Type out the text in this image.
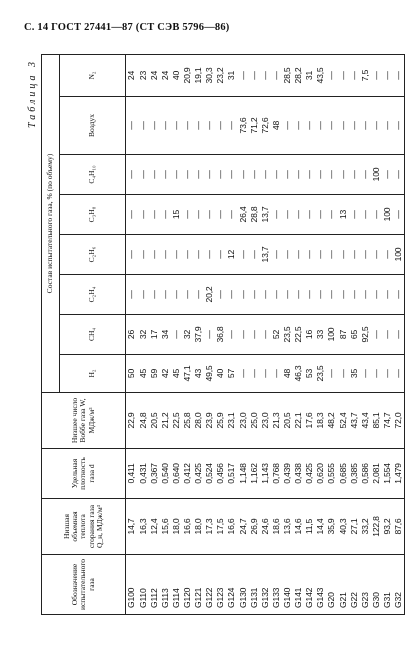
С. 14 ГОСТ 27441—87 (СТ СЭВ 5796—86)
Таблица 3
Обозначение испытательного газа	Низшая объемная теплота сгорания газа Q_н, МДж/м³	Удельная плотность газа d	Низшее число Воббе газа W, МДж/м³	Состав испытательного газа, % (по объему)							
				H₂	CH₄	C₂H₄	C₂H₆	C₃H₈	C₄H₁₀	Воздух	N₂
G100	14,7	0,411	22,9	50	26	—	—	—	—	—	24
G110	16,3	0,431	24,8	45	32	—	—	—	—	—	23
G112	12,4	0,367	20,5	59	17	—	—	—	—	—	24
G113	15,6	0,540	21,2	42	34	—	—	—	—	—	24
G114	18,0	0,640	22,5	45	—	—	—	15	—	—	40
G120	16,6	0,412	25,8	47,1	32	—	—	—	—	—	20,9
G121	18,0	0,425	28,0	43	37,9	—	—	—	—	—	19,1
G122	17,3	0,524	23,9	49,5	—	20,2	—	—	—	—	30,3
G123	17,5	0,456	25,9	40	36,8	—	—	—	—	—	23,2
G124	16,6	0,517	23,1	57	—	—	12	—	—	—	31
G130	24,7	1,148	23,0	—	—	—	—	26,4	—	73,6	—
G131	26,9	1,162	25,0	—	—	—	—	28,8	—	71,2	—
G132	24,6	1,143	23,0	—	—	—	13,7	13,7	—	72,6	—
G133	18,6	0,768	21,3	—	52	—	—	—	—	48	—
G140	13,6	0,439	20,5	48	23,5	—	—	—	—	—	28,5
G141	14,6	0,438	22,1	46,3	22,5	—	—	—	—	—	28,2
G142	11,5	0,425	17,6	53	16	—	—	—	—	—	31
G143	14,4	0,620	18,3	23,5	33	—	—	—	—	—	43,5
G20	35,9	0,555	48,2	—	100	—	—	—	—	—	—
G21	40,3	0,685	52,4	—	87	—	—	13	—	—	—
G22	27,1	0,385	43,7	35	65	—	—	—	—	—	—
G23	33,2	0,586	43,4	—	92,5	—	—	—	—	—	7,5
G30	122,8	2,081	85,1	—	—	—	—	—	100	—	—
G31	93,2	1,554	74,7	—	—	—	—	100	—	—	—
G32	87,6	1,479	72,0	—	—	—	100	—	—	—	—
